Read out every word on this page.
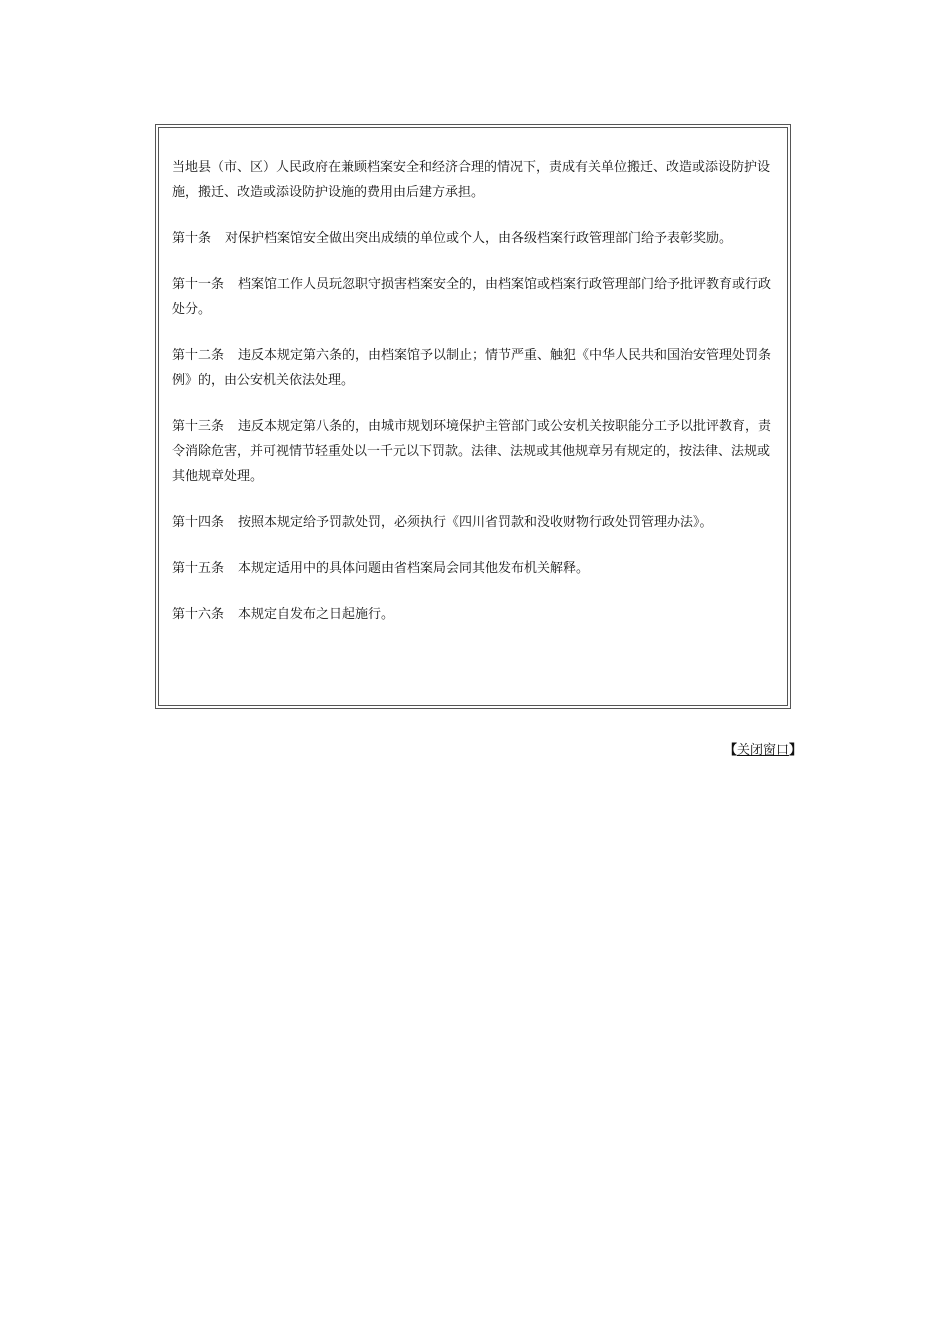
当地县（市、区）人民政府在兼顾档案安全和经济合理的情况下，责成有关单位搬迁、改造或添设防护设施，搬迁、改造或添设防护设施的费用由后建方承担。

第十条 对保护档案馆安全做出突出成绩的单位或个人，由各级档案行政管理部门给予表彰奖励。

第十一条 档案馆工作人员玩忽职守损害档案安全的，由档案馆或档案行政管理部门给予批评教育或行政处分。

第十二条 违反本规定第六条的，由档案馆予以制止；情节严重、触犯《中华人民共和国治安管理处罚条例》的，由公安机关依法处理。

第十三条 违反本规定第八条的，由城市规划环境保护主管部门或公安机关按职能分工予以批评教育，责令消除危害，并可视情节轻重处以一千元以下罚款。法律、法规或其他规章另有规定的，按法律、法规或其他规章处理。

第十四条 按照本规定给予罚款处罚，必须执行《四川省罚款和没收财物行政处罚管理办法》。

第十五条 本规定适用中的具体问题由省档案局会同其他发布机关解释。

第十六条 本规定自发布之日起施行。

【关闭窗口】
